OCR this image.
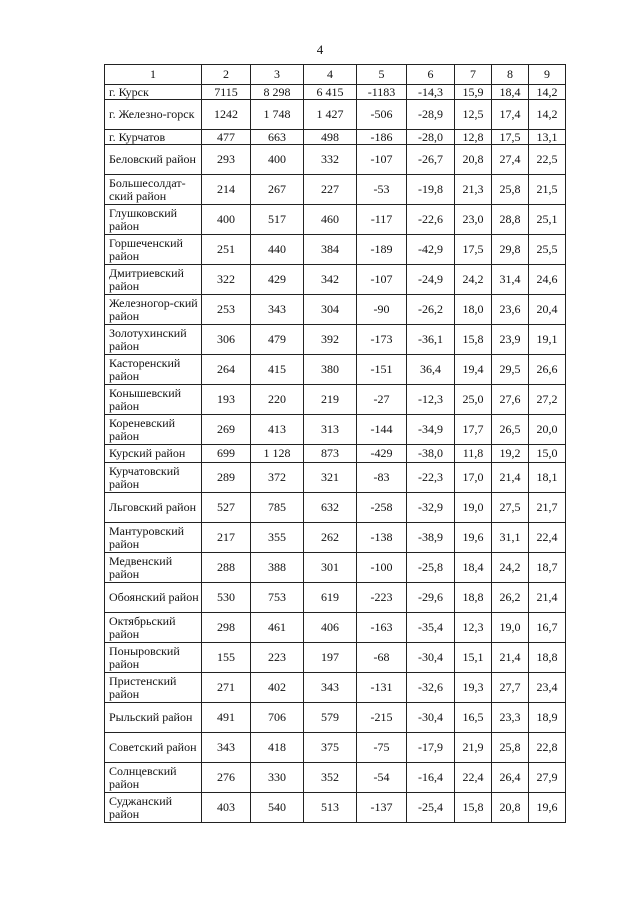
4
1	2	3	4	5	6	7	8	9
г. Курск	7115	8 298	6 415	-1183	-14,3	15,9	18,4	14,2
г. Железно-горск	1242	1 748	1 427	-506	-28,9	12,5	17,4	14,2
г. Курчатов	477	663	498	-186	-28,0	12,8	17,5	13,1
Беловский район	293	400	332	-107	-26,7	20,8	27,4	22,5
Большесолдат-ский район	214	267	227	-53	-19,8	21,3	25,8	21,5
Глушковский район	400	517	460	-117	-22,6	23,0	28,8	25,1
Горшеченский район	251	440	384	-189	-42,9	17,5	29,8	25,5
Дмитриевский район	322	429	342	-107	-24,9	24,2	31,4	24,6
Железногор-ский район	253	343	304	-90	-26,2	18,0	23,6	20,4
Золотухинский район	306	479	392	-173	-36,1	15,8	23,9	19,1
Касторенский район	264	415	380	-151	36,4	19,4	29,5	26,6
Конышевский район	193	220	219	-27	-12,3	25,0	27,6	27,2
Кореневский район	269	413	313	-144	-34,9	17,7	26,5	20,0
Курский район	699	1 128	873	-429	-38,0	11,8	19,2	15,0
Курчатовский район	289	372	321	-83	-22,3	17,0	21,4	18,1
Льговский район	527	785	632	-258	-32,9	19,0	27,5	21,7
Мантуровский район	217	355	262	-138	-38,9	19,6	31,1	22,4
Медвенский район	288	388	301	-100	-25,8	18,4	24,2	18,7
Обоянский район	530	753	619	-223	-29,6	18,8	26,2	21,4
Октябрьский район	298	461	406	-163	-35,4	12,3	19,0	16,7
Поныровский район	155	223	197	-68	-30,4	15,1	21,4	18,8
Пристенский район	271	402	343	-131	-32,6	19,3	27,7	23,4
Рыльский район	491	706	579	-215	-30,4	16,5	23,3	18,9
Советский район	343	418	375	-75	-17,9	21,9	25,8	22,8
Солнцевский район	276	330	352	-54	-16,4	22,4	26,4	27,9
Суджанский район	403	540	513	-137	-25,4	15,8	20,8	19,6
